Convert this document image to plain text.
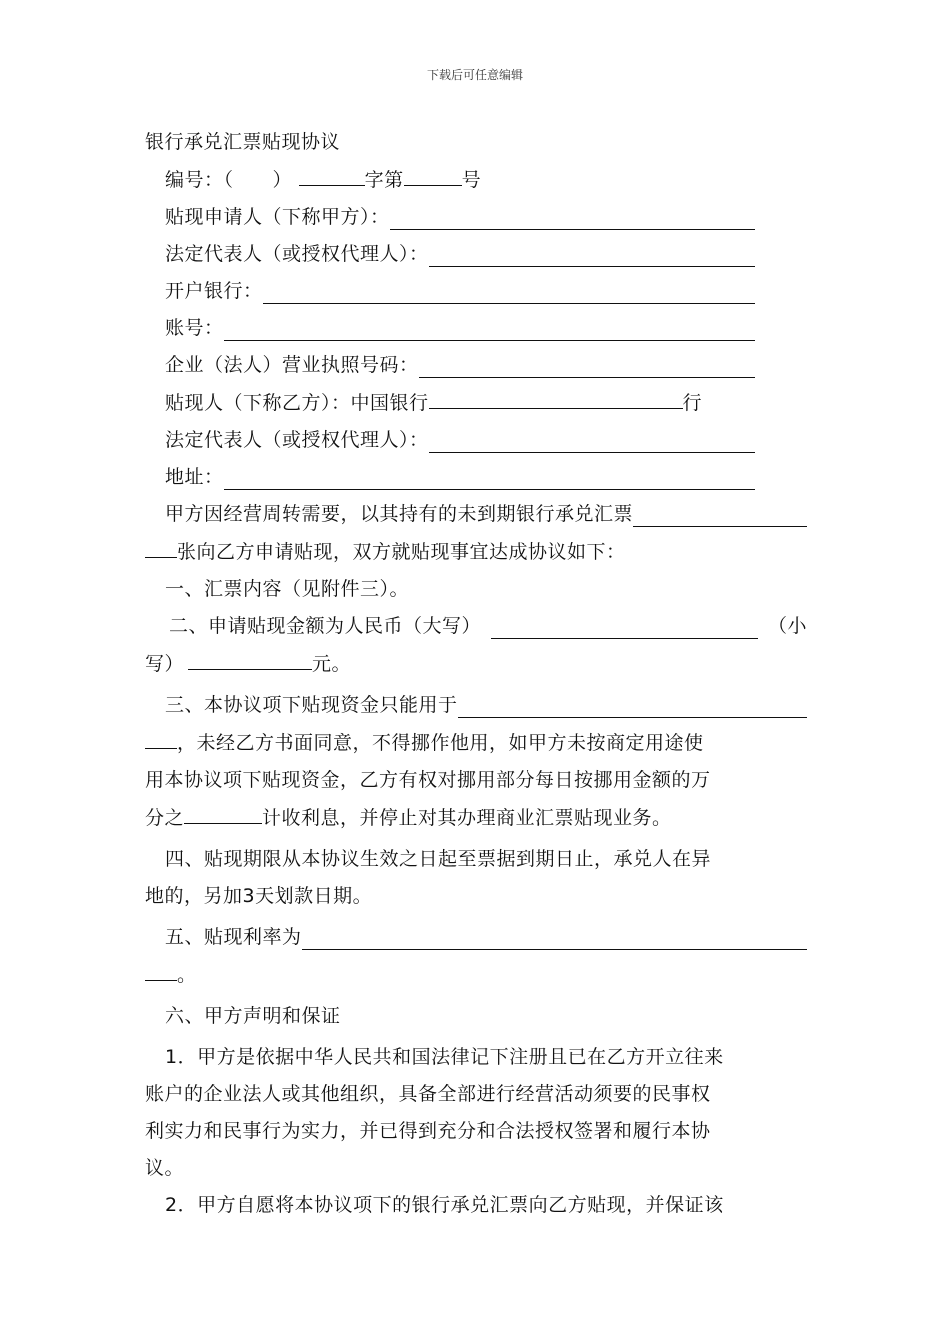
下载后可任意编辑
银行承兑汇票贴现协议
编号：（　　）	字第	号
贴现申请人（下称甲方）：
法定代表人（或授权代理人）：
开户银行：
账号：
企业（法人）营业执照号码：
贴现人（下称乙方）：中国银行	行
法定代表人（或授权代理人）：
地址：
甲方因经营周转需要，以其持有的未到期银行承兑汇票
张向乙方申请贴现，双方就贴现事宜达成协议如下：
一、汇票内容（见附件三）。
二、申请贴现金额为人民币（大写）	（小
写）	元。
三、本协议项下贴现资金只能用于
，未经乙方书面同意，不得挪作他用，如甲方未按商定用途使
用本协议项下贴现资金，乙方有权对挪用部分每日按挪用金额的万
分之	计收利息，并停止对其办理商业汇票贴现业务。
四、贴现期限从本协议生效之日起至票据到期日止，承兑人在异
地的，另加3天划款日期。
五、贴现利率为
。
六、甲方声明和保证
1．甲方是依据中华人民共和国法律记下注册且已在乙方开立往来
账户的企业法人或其他组织，具备全部进行经营活动须要的民事权
利实力和民事行为实力，并已得到充分和合法授权签署和履行本协
议。
2．甲方自愿将本协议项下的银行承兑汇票向乙方贴现，并保证该
